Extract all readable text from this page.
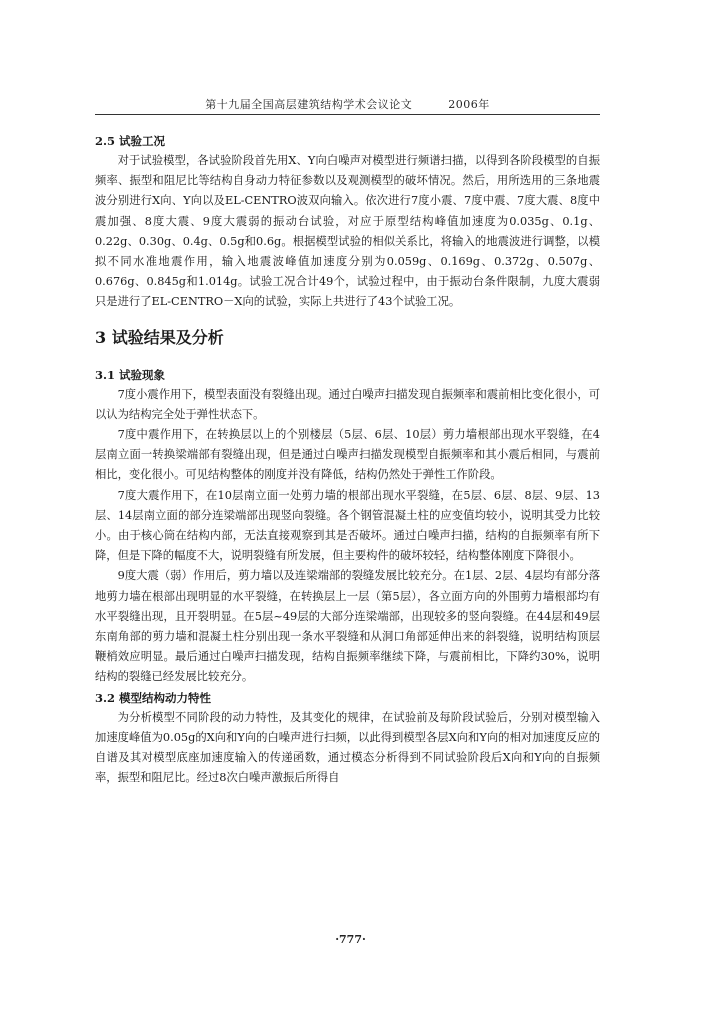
第十九届全国高层建筑结构学术会议论文	2006年
2.5 试验工况

对于试验模型，各试验阶段首先用X、Y向白噪声对模型进行频谱扫描，以得到各阶段模型的自振频率、振型和阻尼比等结构自身动力特征参数以及观测模型的破坏情况。然后，用所选用的三条地震波分别进行X向、Y向以及EL-CENTRO波双向输入。依次进行7度小震、7度中震、7度大震、8度中震加强、8度大震、9度大震弱的振动台试验，对应于原型结构峰值加速度为0.035g、0.1g、0.22g、0.30g、0.4g、0.5g和0.6g。根据模型试验的相似关系比，将输入的地震波进行调整，以模拟不同水准地震作用，输入地震波峰值加速度分别为0.059g、0.169g、0.372g、0.507g、0.676g、0.845g和1.014g。试验工况合计49个，试验过程中，由于振动台条件限制，九度大震弱只是进行了EL-CENTRO－X向的试验，实际上共进行了43个试验工况。

3 试验结果及分析
3.1 试验现象

7度小震作用下，模型表面没有裂缝出现。通过白噪声扫描发现自振频率和震前相比变化很小，可以认为结构完全处于弹性状态下。

7度中震作用下，在转换层以上的个别楼层（5层、6层、10层）剪力墙根部出现水平裂缝，在4层南立面一转换梁端部有裂缝出现，但是通过白噪声扫描发现模型自振频率和其小震后相同，与震前相比，变化很小。可见结构整体的刚度并没有降低，结构仍然处于弹性工作阶段。

7度大震作用下，在10层南立面一处剪力墙的根部出现水平裂缝，在5层、6层、8层、9层、13层、14层南立面的部分连梁端部出现竖向裂缝。各个钢管混凝土柱的应变值均较小，说明其受力比较小。由于核心筒在结构内部，无法直接观察到其是否破坏。通过白噪声扫描，结构的自振频率有所下降，但是下降的幅度不大，说明裂缝有所发展，但主要构件的破坏较轻，结构整体刚度下降很小。

9度大震（弱）作用后，剪力墙以及连梁端部的裂缝发展比较充分。在1层、2层、4层均有部分落地剪力墙在根部出现明显的水平裂缝，在转换层上一层（第5层），各立面方向的外围剪力墙根部均有水平裂缝出现，且开裂明显。在5层~49层的大部分连梁端部，出现较多的竖向裂缝。在44层和49层东南角部的剪力墙和混凝土柱分别出现一条水平裂缝和从洞口角部延伸出来的斜裂缝，说明结构顶层鞭梢效应明显。最后通过白噪声扫描发现，结构自振频率继续下降，与震前相比，下降约30%，说明结构的裂缝已经发展比较充分。

3.2 模型结构动力特性

为分析模型不同阶段的动力特性，及其变化的规律，在试验前及每阶段试验后，分别对模型输入加速度峰值为0.05g的X向和Y向的白噪声进行扫频，以此得到模型各层X向和Y向的相对加速度反应的自谱及其对模型底座加速度输入的传递函数，通过模态分析得到不同试验阶段后X向和Y向的自振频率，振型和阻尼比。经过8次白噪声激振后所得自

·777·
